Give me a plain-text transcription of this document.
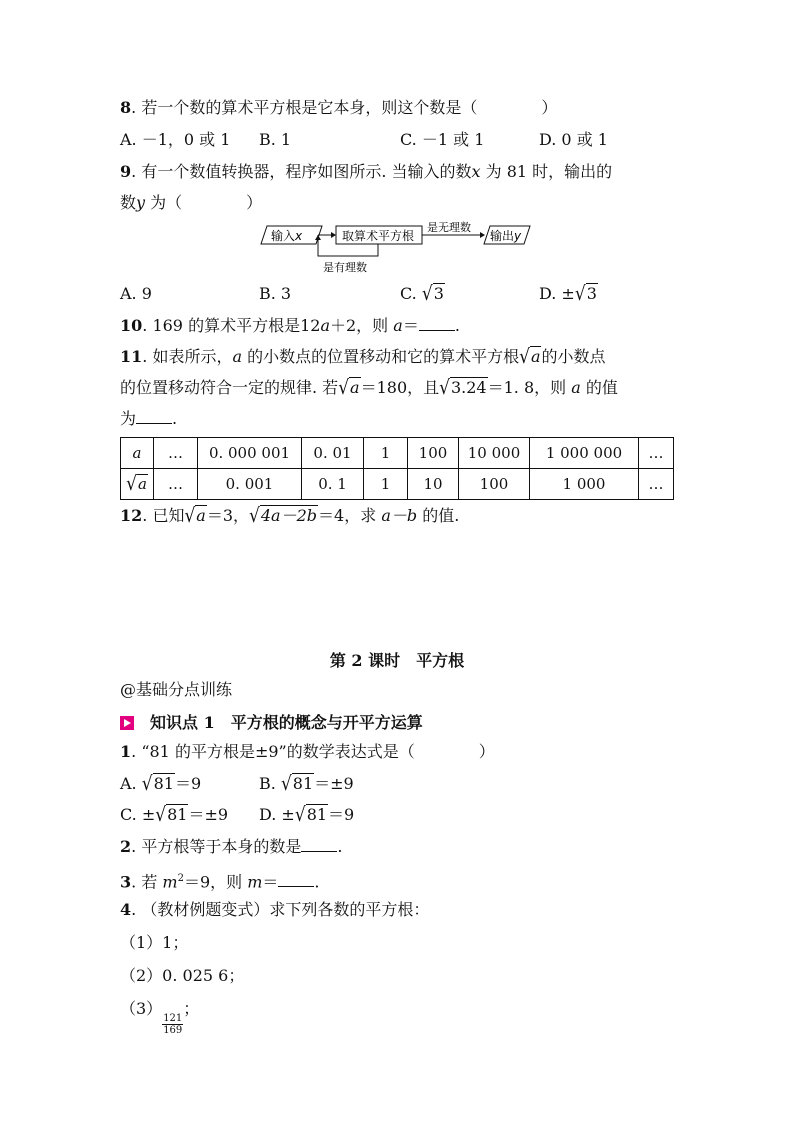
8. 若一个数的算术平方根是它本身，则这个数是（　　　　）
A. －1，0 或 1 B. 1	C. －1 或 1	D. 0 或 1
9. 有一个数值转换器，程序如图所示. 当输入的数x 为 81 时，输出的
数y 为（　　　　）
输入x	取算术平方根
是无理数
输出y
是有理数
A. 9	B. 3	C. √3	D. ±√3
10. 169 的算术平方根是12a＋2，则 a＝ .
11. 如表所示，a 的小数点的位置移动和它的算术平方根√a的小数点
的位置移动符合一定的规律. 若√a＝180，且√3.24＝1. 8，则 a 的值
为 .
a	…	0. 000 001	0. 01	1	100	10 000	1 000 000	…
√a	…	0. 001	0. 1	1	10	100	1 000	…
12. 已知√a＝3，√4a－2b＝4，求 a－b 的值.
第 2 课时　平方根
@基础分点训练
知识点 1　平方根的概念与开平方运算
1. “81 的平方根是±9”的数学表达式是（　　　　）
A. √81＝9	B. √81＝±9
C. ±√81＝±9 D. ±√81＝9
2. 平方根等于本身的数是 .
3. 若 $m^2=9$，则 m＝ .
4. （教材例题变式）求下列各数的平方根：
（1）1；
（2）0. 025 6；
（3）
$\frac{121}{169}$
；
